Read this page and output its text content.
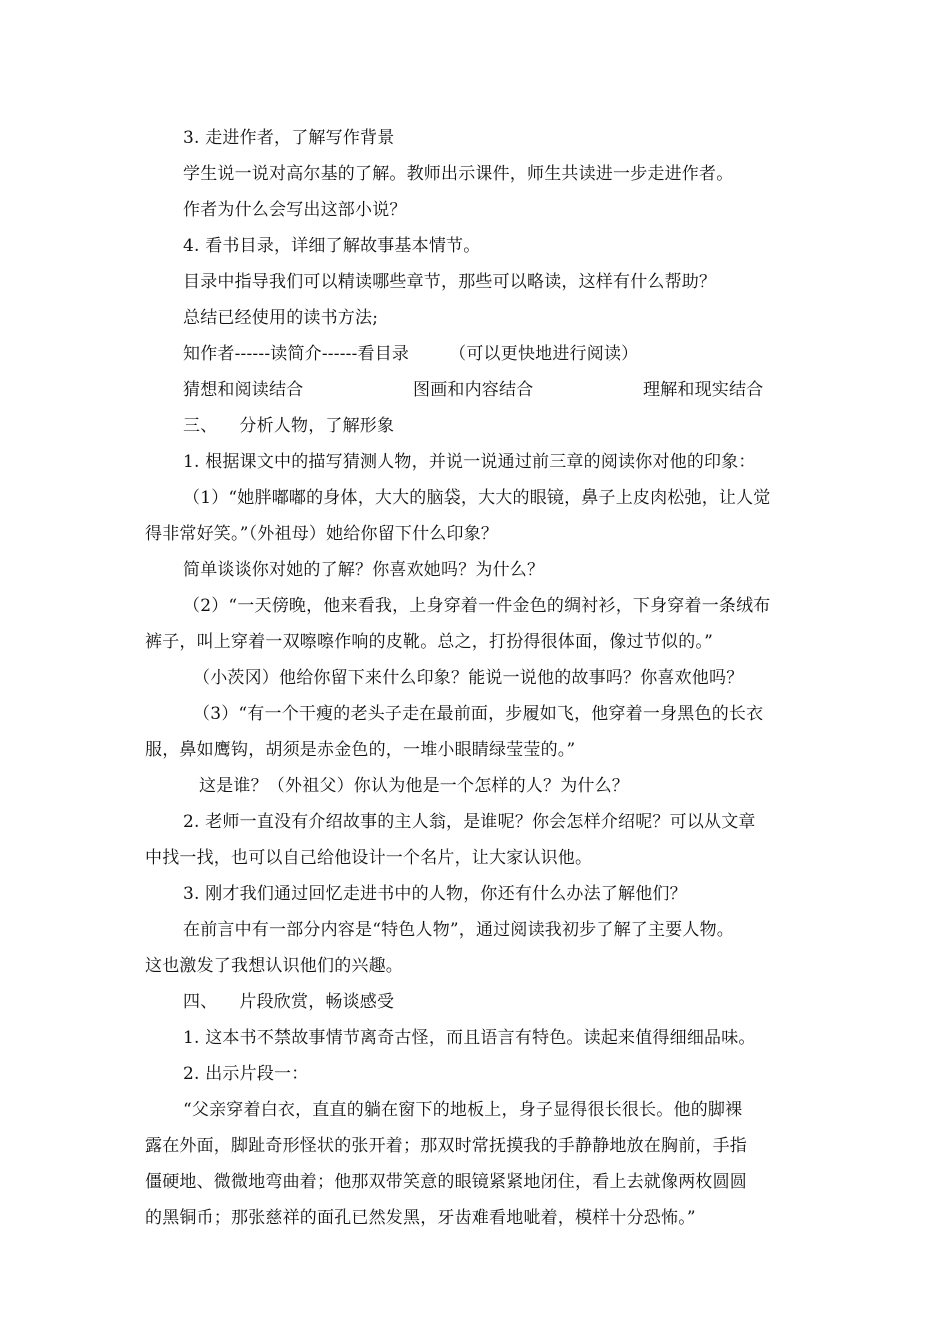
3. 走进作者，了解写作背景
学生说一说对高尔基的了解。教师出示课件，师生共读进一步走进作者。
作者为什么会写出这部小说？
4. 看书目录，详细了解故事基本情节。
目录中指导我们可以精读哪些章节，那些可以略读，这样有什么帮助？
总结已经使用的读书方法;
知作者------读简介------看目录 （可以更快地进行阅读）
猜想和阅读结合	图画和内容结合	理解和现实结合
三、 分析人物，了解形象
1. 根据课文中的描写猜测人物，并说一说通过前三章的阅读你对他的印象：
（1）“她胖嘟嘟的身体，大大的脑袋，大大的眼镜，鼻子上皮肉松弛，让人觉
得非常好笑。”（外祖母）她给你留下什么印象？
简单谈谈你对她的了解？你喜欢她吗？为什么？
（2）“一天傍晚，他来看我，上身穿着一件金色的绸衬衫，下身穿着一条绒布
裤子，叫上穿着一双嚓嚓作响的皮靴。总之，打扮得很体面，像过节似的。”
（小茨冈）他给你留下来什么印象？能说一说他的故事吗？你喜欢他吗？
（3）“有一个干瘦的老头子走在最前面，步履如飞，他穿着一身黑色的长衣
服，鼻如鹰钩，胡须是赤金色的，一堆小眼睛绿莹莹的。”
这是谁？（外祖父）你认为他是一个怎样的人？为什么？
2. 老师一直没有介绍故事的主人翁，是谁呢？你会怎样介绍呢？可以从文章
中找一找，也可以自己给他设计一个名片，让大家认识他。
3. 刚才我们通过回忆走进书中的人物，你还有什么办法了解他们？
在前言中有一部分内容是“特色人物”，通过阅读我初步了解了主要人物。
这也激发了我想认识他们的兴趣。
四、 片段欣赏，畅谈感受
1. 这本书不禁故事情节离奇古怪，而且语言有特色。读起来值得细细品味。
2. 出示片段一：
“父亲穿着白衣，直直的躺在窗下的地板上，身子显得很长很长。他的脚裸
露在外面，脚趾奇形怪状的张开着；那双时常抚摸我的手静静地放在胸前，手指
僵硬地、微微地弯曲着；他那双带笑意的眼镜紧紧地闭住，看上去就像两枚圆圆
的黑铜币；那张慈祥的面孔已然发黑，牙齿难看地呲着，模样十分恐怖。”
